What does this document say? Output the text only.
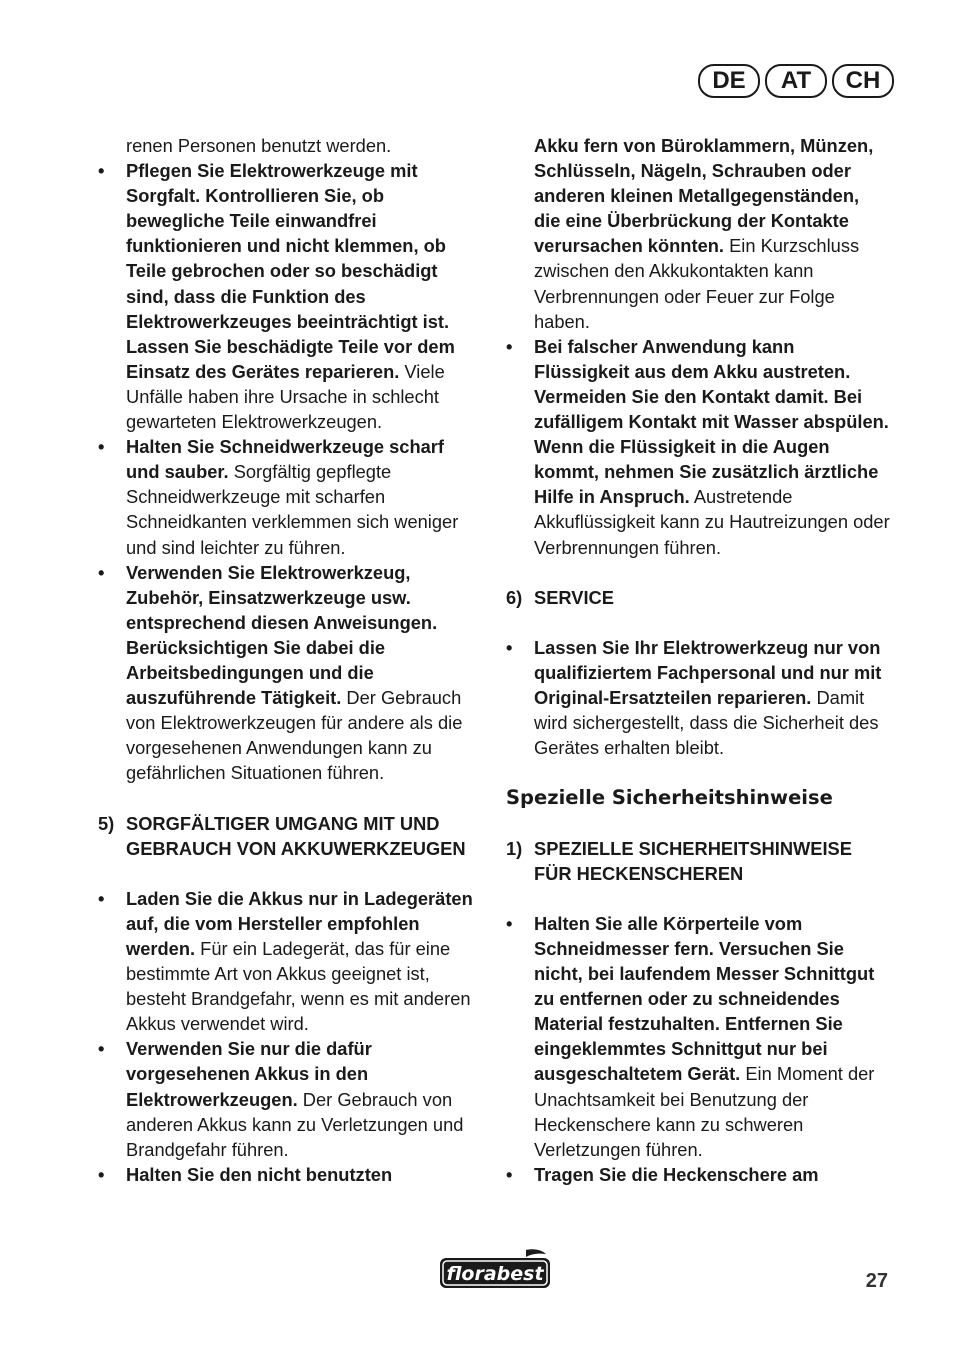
DE	AT	CH

renen Personen benutzt werden.

• Pflegen Sie Elektrowerkzeuge mit Sorgfalt. Kontrollieren Sie, ob bewegliche Teile einwandfrei funktionieren und nicht klemmen, ob Teile gebrochen oder so beschädigt sind, dass die Funktion des Elektrowerkzeuges beeinträchtigt ist. Lassen Sie beschädigte Teile vor dem Einsatz des Gerätes reparieren. Viele Unfälle haben ihre Ursache in schlecht gewarteten Elektrowerkzeugen.

• Halten Sie Schneidwerkzeuge scharf und sauber. Sorgfältig gepflegte Schneidwerkzeuge mit scharfen Schneidkanten verklemmen sich weniger und sind leichter zu führen.

• Verwenden Sie Elektrowerkzeug, Zubehör, Einsatzwerkzeuge usw. entsprechend diesen Anweisungen. Berücksichtigen Sie dabei die Arbeitsbedingungen und die auszuführende Tätigkeit. Der Gebrauch von Elektrowerkzeugen für andere als die vorgesehenen Anwendungen kann zu gefährlichen Situationen führen.

5) SORGFÄLTIGER UMGANG MIT UND GEBRAUCH VON AKKUWERKZEUGEN

• Laden Sie die Akkus nur in Ladegeräten auf, die vom Hersteller empfohlen werden. Für ein Ladegerät, das für eine bestimmte Art von Akkus geeignet ist, besteht Brandgefahr, wenn es mit anderen Akkus verwendet wird.

• Verwenden Sie nur die dafür vorgesehenen Akkus in den Elektrowerkzeugen. Der Gebrauch von anderen Akkus kann zu Verletzungen und Brandgefahr führen.

• Halten Sie den nicht benutzten

Akku fern von Büroklammern, Münzen, Schlüsseln, Nägeln, Schrauben oder anderen kleinen Metallgegenständen, die eine Überbrückung der Kontakte verursachen könnten. Ein Kurzschluss zwischen den Akkukontakten kann Verbrennungen oder Feuer zur Folge haben.

• Bei falscher Anwendung kann Flüssigkeit aus dem Akku austreten. Vermeiden Sie den Kontakt damit. Bei zufälligem Kontakt mit Wasser abspülen. Wenn die Flüssigkeit in die Augen kommt, nehmen Sie zusätzlich ärztliche Hilfe in Anspruch. Austretende Akkuflüssigkeit kann zu Hautreizungen oder Verbrennungen führen.

6) SERVICE

• Lassen Sie Ihr Elektrowerkzeug nur von qualifiziertem Fachpersonal und nur mit Original-Ersatzteilen reparieren. Damit wird sichergestellt, dass die Sicherheit des Gerätes erhalten bleibt.

Spezielle Sicherheitshinweise

1) SPEZIELLE SICHERHEITSHINWEISE FÜR HECKENSCHEREN

• Halten Sie alle Körperteile vom Schneidmesser fern. Versuchen Sie nicht, bei laufendem Messer Schnittgut zu entfernen oder zu schneidendes Material festzuhalten. Entfernen Sie eingeklemmtes Schnittgut nur bei ausgeschaltetem Gerät. Ein Moment der Unachtsamkeit bei Benutzung der Heckenschere kann zu schweren Verletzungen führen.

• Tragen Sie die Heckenschere am

florabest	27
